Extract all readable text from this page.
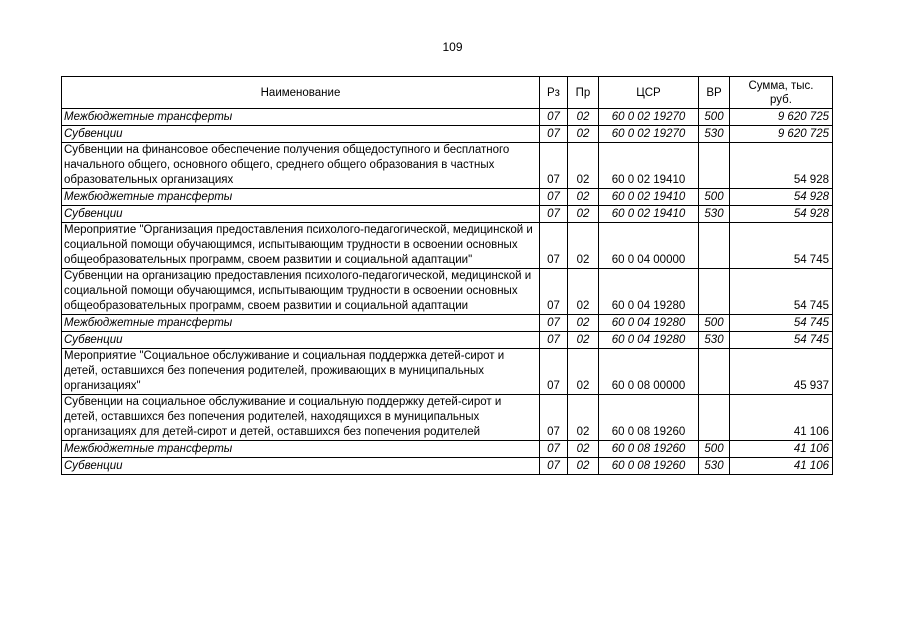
109
Наименование	Рз	Пр	ЦСР	ВР	Сумма, тыс. руб.
Межбюджетные трансферты	07	02	60 0 02 19270	500	9 620 725
Субвенции	07	02	60 0 02 19270	530	9 620 725
Субвенции на финансовое обеспечение получения общедоступного и бесплатного начального общего, основного общего, среднего общего образования в частных образовательных организациях	07	02	60 0 02 19410		54 928
Межбюджетные трансферты	07	02	60 0 02 19410	500	54 928
Субвенции	07	02	60 0 02 19410	530	54 928
Мероприятие "Организация предоставления психолого-педагогической, медицинской и социальной помощи обучающимся, испытывающим трудности в освоении основных общеобразовательных программ, своем развитии и социальной адаптации"	07	02	60 0 04 00000		54 745
Субвенции на организацию предоставления психолого-педагогической, медицинской и социальной помощи обучающимся, испытывающим трудности в освоении основных общеобразовательных программ, своем развитии и социальной адаптации	07	02	60 0 04 19280		54 745
Межбюджетные трансферты	07	02	60 0 04 19280	500	54 745
Субвенции	07	02	60 0 04 19280	530	54 745
Мероприятие "Социальное обслуживание и социальная поддержка детей-сирот и детей, оставшихся без попечения родителей, проживающих в муниципальных организациях"	07	02	60 0 08 00000		45 937
Субвенции на социальное обслуживание и социальную поддержку детей-сирот и детей, оставшихся без попечения родителей, находящихся в муниципальных организациях для детей-сирот и детей, оставшихся без попечения родителей	07	02	60 0 08 19260		41 106
Межбюджетные трансферты	07	02	60 0 08 19260	500	41 106
Субвенции	07	02	60 0 08 19260	530	41 106
